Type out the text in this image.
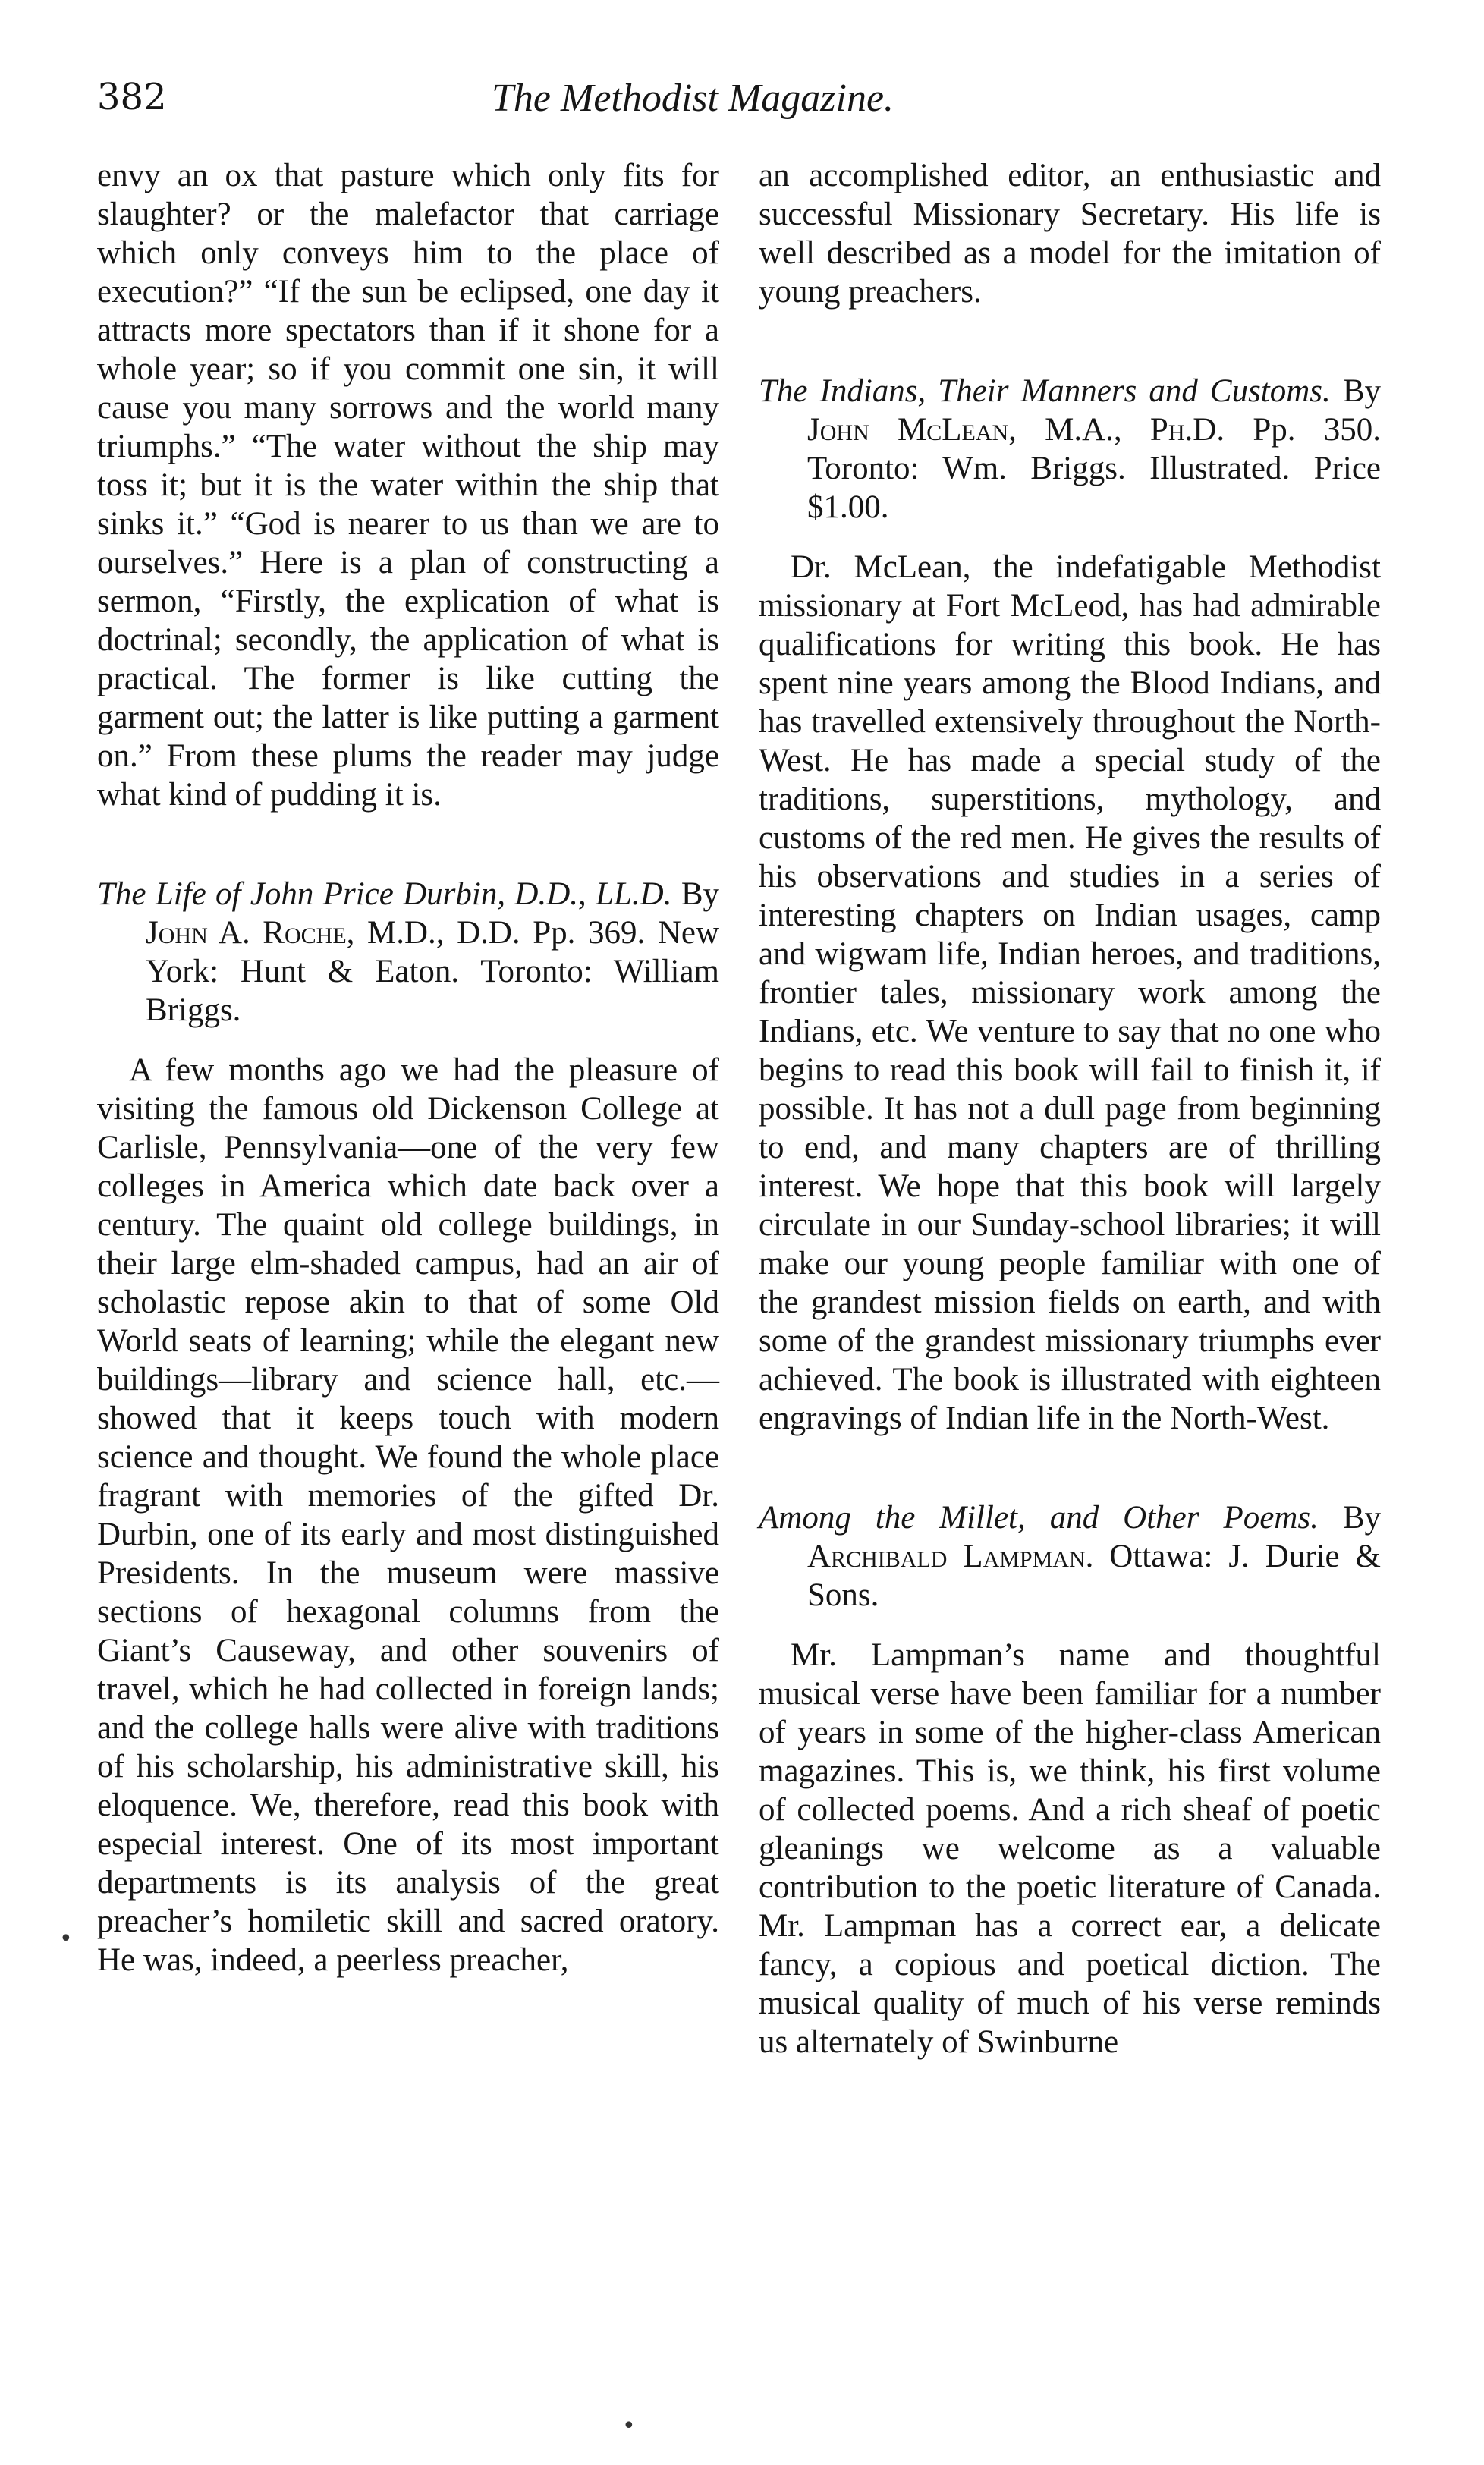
382	The Methodist Magazine.

envy an ox that pasture which only fits for slaughter? or the malefactor that carriage which only conveys him to the place of execution?” “If the sun be eclipsed, one day it attracts more spectators than if it shone for a whole year; so if you commit one sin, it will cause you many sorrows and the world many triumphs.” “The water without the ship may toss it; but it is the water within the ship that sinks it.” “God is nearer to us than we are to ourselves.” Here is a plan of constructing a sermon, “Firstly, the explication of what is doctrinal; secondly, the application of what is practical. The former is like cutting the garment out; the latter is like putting a garment on.” From these plums the reader may judge what kind of pudding it is.

The Life of John Price Durbin, D.D., LL.D. By John A. Roche, M.D., D.D. Pp. 369. New York: Hunt & Eaton. Toronto: William Briggs.

A few months ago we had the pleasure of visiting the famous old Dickenson College at Carlisle, Pennsylvania—one of the very few colleges in America which date back over a century. The quaint old college buildings, in their large elm-shaded campus, had an air of scholastic repose akin to that of some Old World seats of learning; while the elegant new buildings—library and science hall, etc.—showed that it keeps touch with modern science and thought. We found the whole place fragrant with memories of the gifted Dr. Durbin, one of its early and most distinguished Presidents. In the museum were massive sections of hexagonal columns from the Giant’s Causeway, and other souvenirs of travel, which he had collected in foreign lands; and the college halls were alive with traditions of his scholarship, his administrative skill, his eloquence. We, therefore, read this book with especial interest. One of its most important departments is its analysis of the great preacher’s homiletic skill and sacred oratory. He was, indeed, a peerless preacher,

an accomplished editor, an enthusiastic and successful Missionary Secretary. His life is well described as a model for the imitation of young preachers.

The Indians, Their Manners and Customs. By John McLean, M.A., Ph.D. Pp. 350. Toronto: Wm. Briggs. Illustrated. Price $1.00.

Dr. McLean, the indefatigable Methodist missionary at Fort McLeod, has had admirable qualifications for writing this book. He has spent nine years among the Blood Indians, and has travelled extensively throughout the North-West. He has made a special study of the traditions, superstitions, mythology, and customs of the red men. He gives the results of his observations and studies in a series of interesting chapters on Indian usages, camp and wigwam life, Indian heroes, and traditions, frontier tales, missionary work among the Indians, etc. We venture to say that no one who begins to read this book will fail to finish it, if possible. It has not a dull page from beginning to end, and many chapters are of thrilling interest. We hope that this book will largely circulate in our Sunday-school libraries; it will make our young people familiar with one of the grandest mission fields on earth, and with some of the grandest missionary triumphs ever achieved. The book is illustrated with eighteen engravings of Indian life in the North-West.

Among the Millet, and Other Poems. By Archibald Lampman. Ottawa: J. Durie & Sons.

Mr. Lampman’s name and thoughtful musical verse have been familiar for a number of years in some of the higher-class American magazines. This is, we think, his first volume of collected poems. And a rich sheaf of poetic gleanings we welcome as a valuable contribution to the poetic literature of Canada. Mr. Lampman has a correct ear, a delicate fancy, a copious and poetical diction. The musical quality of much of his verse reminds us alternately of Swinburne

•
•
